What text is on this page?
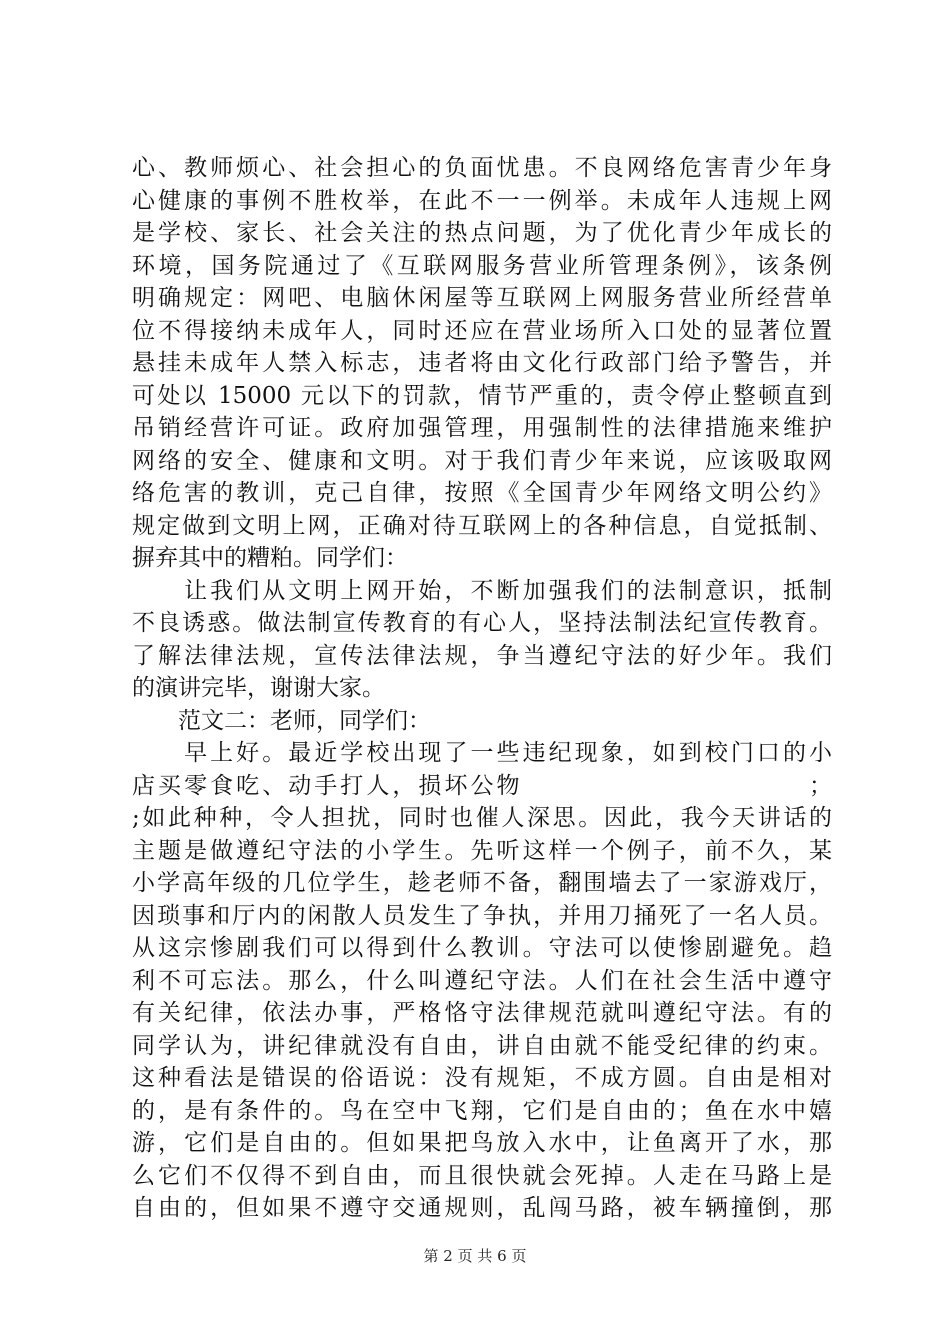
心、教师烦心、社会担心的负面忧患。不良网络危害青少年身
心健康的事例不胜枚举，在此不一一例举。未成年人违规上网
是学校、家长、社会关注的热点问题，为了优化青少年成长的
环境，国务院通过了《互联网服务营业所管理条例》，该条例
明确规定：网吧、电脑休闲屋等互联网上网服务营业所经营单
位不得接纳未成年人，同时还应在营业场所入口处的显著位置
悬挂未成年人禁入标志，违者将由文化行政部门给予警告，并
可处以 15000 元以下的罚款，情节严重的，责令停止整顿直到
吊销经营许可证。政府加强管理，用强制性的法律措施来维护
网络的安全、健康和文明。对于我们青少年来说，应该吸取网
络危害的教训，克己自律，按照《全国青少年网络文明公约》
规定做到文明上网，正确对待互联网上的各种信息，自觉抵制、
摒弃其中的糟粕。同学们：
　　让我们从文明上网开始，不断加强我们的法制意识，抵制
不良诱惑。做法制宣传教育的有心人，坚持法制法纪宣传教育。
了解法律法规，宣传法律法规，争当遵纪守法的好少年。我们
的演讲完毕，谢谢大家。
　　范文二：老师，同学们：
　　早上好。最近学校出现了一些违纪现象，如到校门口的小
店买零食吃、动手打人，损坏公物　　　　　　　　　　　；
;如此种种，令人担扰，同时也催人深思。因此，我今天讲话的
主题是做遵纪守法的小学生。先听这样一个例子，前不久，某
小学高年级的几位学生，趁老师不备，翻围墙去了一家游戏厅，
因琐事和厅内的闲散人员发生了争执，并用刀捅死了一名人员。
从这宗惨剧我们可以得到什么教训。守法可以使惨剧避免。趋
利不可忘法。那么，什么叫遵纪守法。人们在社会生活中遵守
有关纪律，依法办事，严格恪守法律规范就叫遵纪守法。有的
同学认为，讲纪律就没有自由，讲自由就不能受纪律的约束。
这种看法是错误的俗语说：没有规矩，不成方圆。自由是相对
的，是有条件的。鸟在空中飞翔，它们是自由的；鱼在水中嬉
游，它们是自由的。但如果把鸟放入水中，让鱼离开了水，那
么它们不仅得不到自由，而且很快就会死掉。人走在马路上是
自由的，但如果不遵守交通规则，乱闯马路，被车辆撞倒，那
第 2 页 共 6 页
